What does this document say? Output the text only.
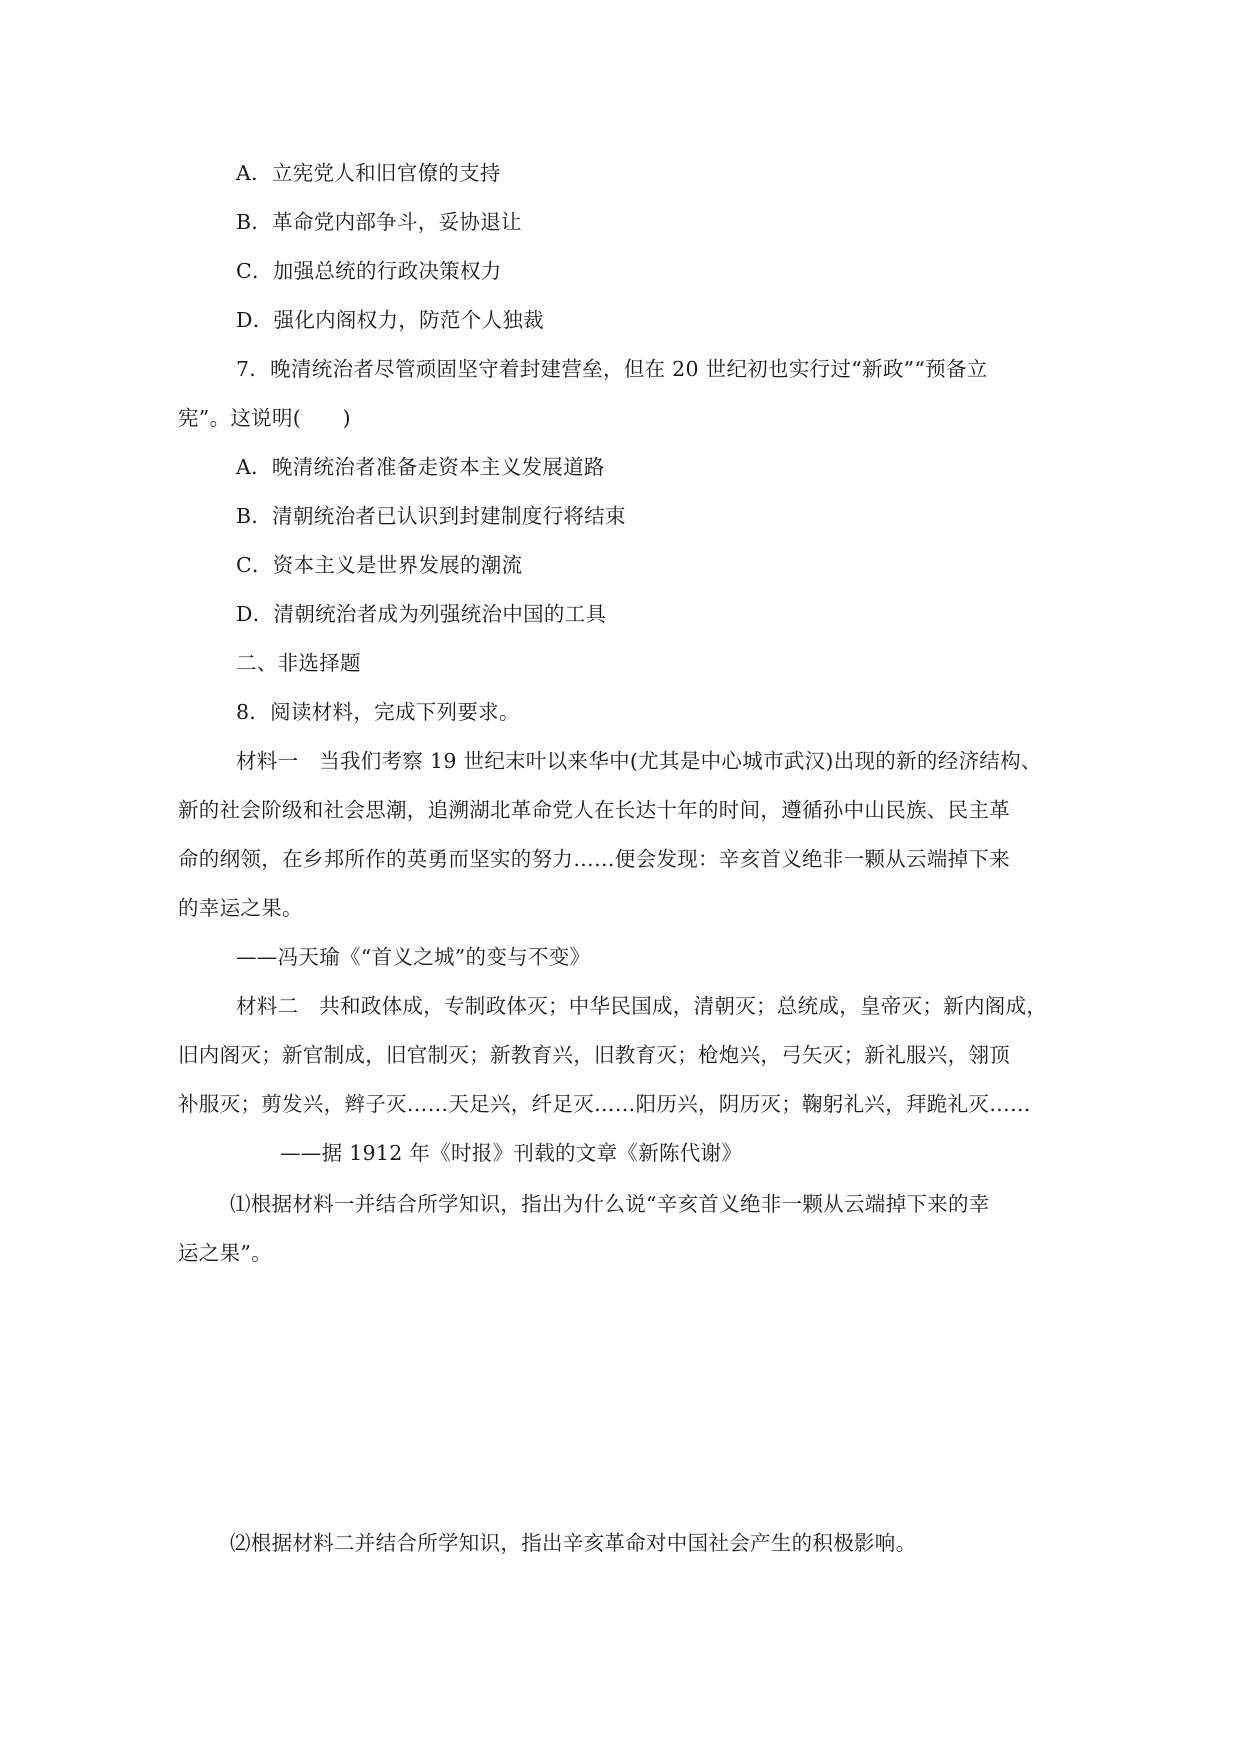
A．立宪党人和旧官僚的支持
B．革命党内部争斗，妥协退让
C．加强总统的行政决策权力
D．强化内阁权力，防范个人独裁
7．晚清统治者尽管顽固坚守着封建营垒，但在 20 世纪初也实行过“新政”“预备立
宪”。这说明(　　)
A．晚清统治者准备走资本主义发展道路
B．清朝统治者已认识到封建制度行将结束
C．资本主义是世界发展的潮流
D．清朝统治者成为列强统治中国的工具
二、非选择题
8．阅读材料，完成下列要求。
材料一　当我们考察 19 世纪末叶以来华中(尤其是中心城市武汉)出现的新的经济结构、
新的社会阶级和社会思潮，追溯湖北革命党人在长达十年的时间，遵循孙中山民族、民主革
命的纲领，在乡邦所作的英勇而坚实的努力……便会发现：辛亥首义绝非一颗从云端掉下来
的幸运之果。
——冯天瑜《“首义之城”的变与不变》
材料二　共和政体成，专制政体灭；中华民国成，清朝灭；总统成，皇帝灭；新内阁成，
旧内阁灭；新官制成，旧官制灭；新教育兴，旧教育灭；枪炮兴，弓矢灭；新礼服兴，翎顶
补服灭；剪发兴，辫子灭……天足兴，纤足灭……阳历兴，阴历灭；鞠躬礼兴，拜跪礼灭……
——据 1912 年《时报》刊载的文章《新陈代谢》
⑴根据材料一并结合所学知识，指出为什么说“辛亥首义绝非一颗从云端掉下来的幸
运之果”。
⑵根据材料二并结合所学知识，指出辛亥革命对中国社会产生的积极影响。
